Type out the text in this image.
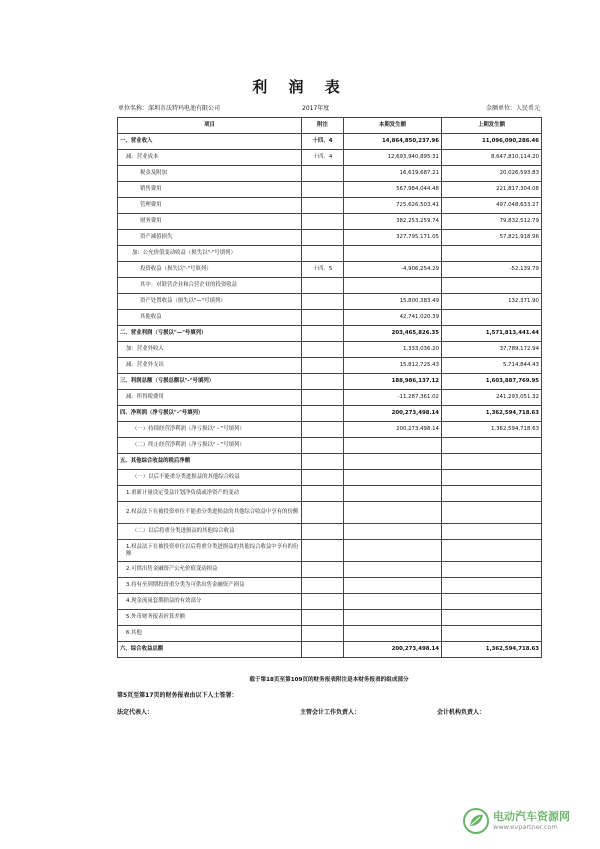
利 润 表
单位名称：深圳市沃特玛电池有限公司	2017年度	金额单位：人民币元
项目	附注	本期发生额	上期发生额
一、营业收入	十四、4	14,864,850,237.96	11,096,090,286.46
减：营业成本	十四、4	12,693,940,895.31	8,647,810,114.20
税金及附加		16,619,687.21	20,026,593.83
销售费用		567,984,044.48	221,817,304.08
管理费用		725,626,503.41	497,048,633.27
财务费用		382,253,259.74	79,832,512.79
资产减值损失		327,795,171.05	57,821,918.96
加：公允价值变动收益（损失以"-"号填列）			
投资收益（损失以"-"号填列）	十四、5	-4,906,254.29	-52,139.79
其中：对联营企业和合营企业的投资收益			
资产处置收益（损失以"—"号填列）		15,800,383.49	132,371.90
其他收益		42,741,020.39	
二、营业利润（亏损以"—"号填列）		203,465,826.35	1,571,813,441.44
加：营业外收入		1,333,036.20	37,789,172.94
减：营业外支出		15,812,725.43	5,714,844.43
三、利润总额（亏损总额以"-"号填列）		188,986,137.12	1,603,887,769.95
减：所得税费用		-11,287,361.02	241,293,051.32
四、净利润（净亏损以"-"号填列）		200,273,498.14	1,362,594,718.63
（一）持续经营净利润（净亏损以" - "号填列）		200,273,498.14	1,362,594,718.63
（二）终止经营净利润（净亏损以" - "号填列）			
五、其他综合收益的税后净额			
（一）以后不能重分类进损益的其他综合收益			
1.重新计量设定受益计划净负债或净资产的变动			
2.权益法下在被投资单位不能重分类进损益的其他综合收益中享有的份额			
（二）以后将重分类进损益的其他综合收益			
1.权益法下在被投资单位以后将重分类进损益的其他综合收益中享有的份额			
2.可供出售金融资产公允价值变动损益			
3.持有至到期投资重分类为可供出售金融资产损益			
4.现金流量套期损益的有效部分			
5.外币财务报表折算差额			
6.其他			
六、综合收益总额		200,273,498.14	1,362,594,718.63
载于第18页至第109页的财务报表附注是本财务报表的组成部分
第5页至第17页的财务报表由以下人士签署：
法定代表人：	主管会计工作负责人：	会计机构负责人：
电动汽车资源网
www.evpartner.com
